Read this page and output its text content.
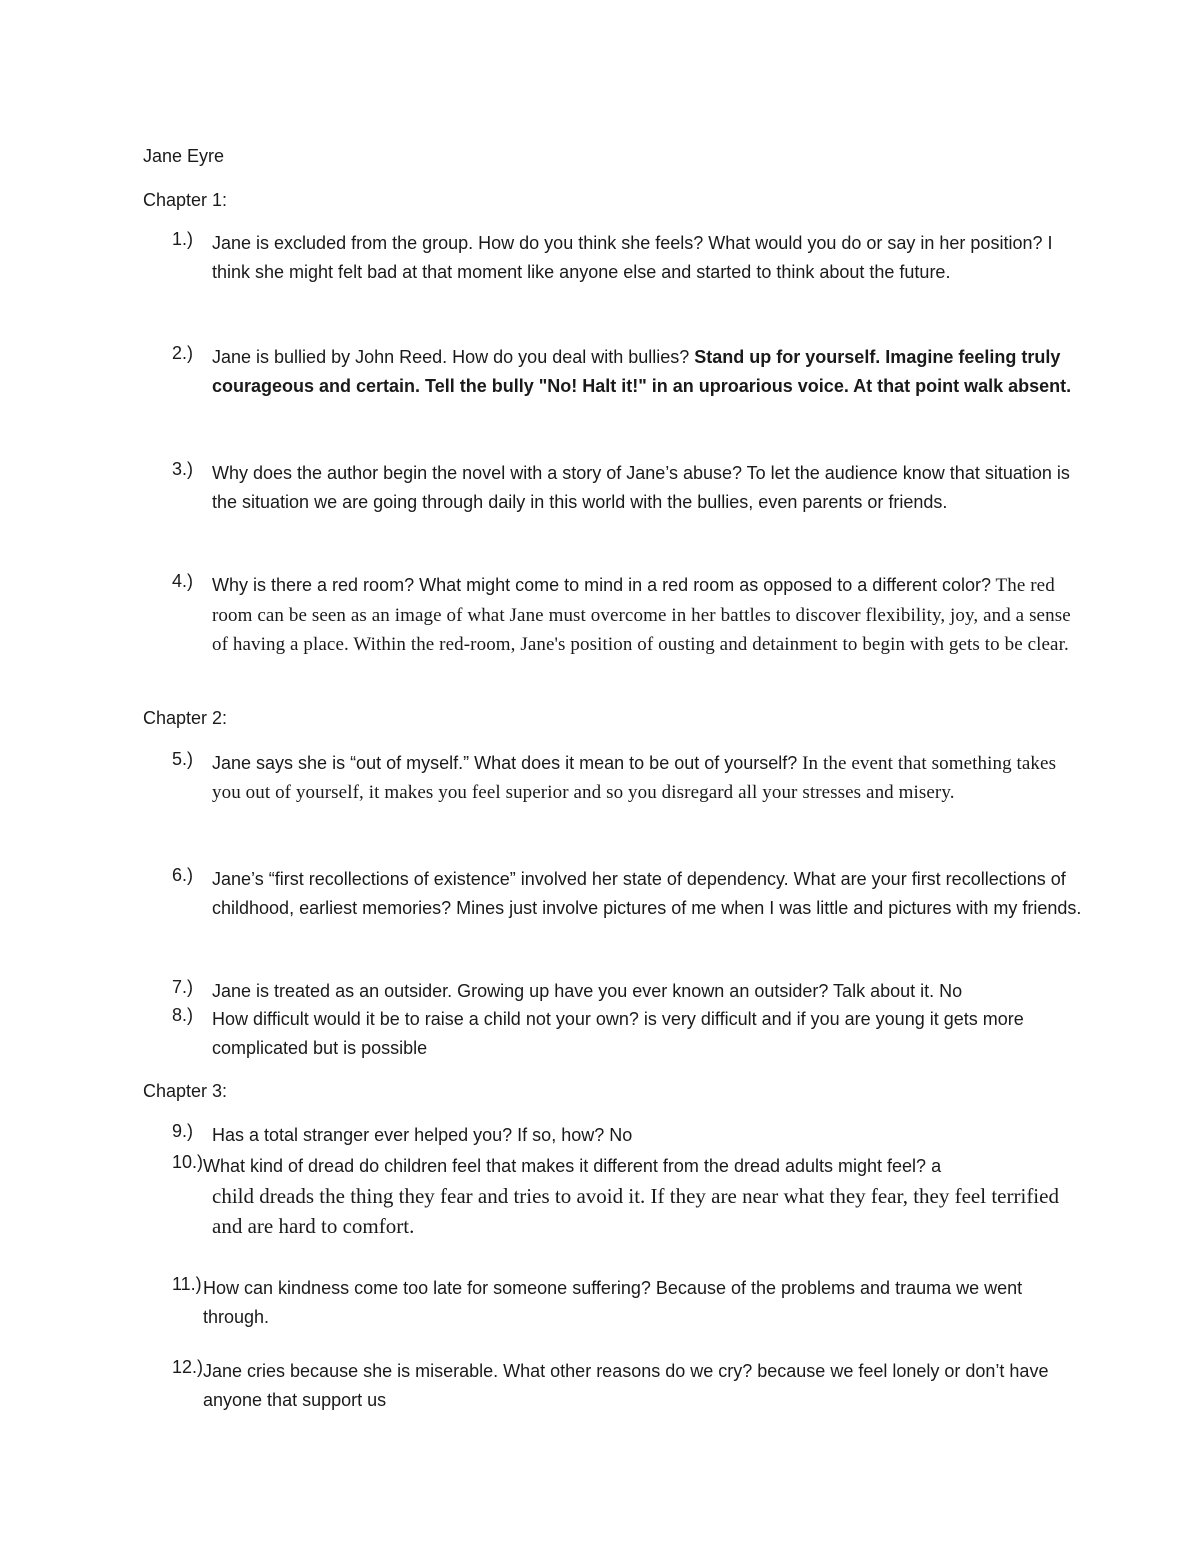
Jane Eyre
Chapter 1:
1.) Jane is excluded from the group. How do you think she feels? What would you do or say in her position? I think she might felt bad at that moment like anyone else and started to think about the future.
2.) Jane is bullied by John Reed. How do you deal with bullies? Stand up for yourself. Imagine feeling truly courageous and certain. Tell the bully "No! Halt it!" in an uproarious voice. At that point walk absent.
3.) Why does the author begin the novel with a story of Jane’s abuse? To let the audience know that situation is the situation we are going through daily in this world with the bullies, even parents or friends.
4.) Why is there a red room? What might come to mind in a red room as opposed to a different color? The red room can be seen as an image of what Jane must overcome in her battles to discover flexibility, joy, and a sense of having a place. Within the red-room, Jane's position of ousting and detainment to begin with gets to be clear.
Chapter 2:
5.) Jane says she is “out of myself.” What does it mean to be out of yourself? In the event that something takes you out of yourself, it makes you feel superior and so you disregard all your stresses and misery.
6.) Jane’s “first recollections of existence” involved her state of dependency. What are your first recollections of childhood, earliest memories? Mines just involve pictures of me when I was little and pictures with my friends.
7.) Jane is treated as an outsider. Growing up have you ever known an outsider? Talk about it. No
8.) How difficult would it be to raise a child not your own? is very difficult and if you are young it gets more complicated but is possible
Chapter 3:
9.) Has a total stranger ever helped you? If so, how? No
10.) What kind of dread do children feel that makes it different from the dread adults might feel? a
child dreads the thing they fear and tries to avoid it. If they are near what they fear, they feel terrified and are hard to comfort.
11.) How can kindness come too late for someone suffering? Because of the problems and trauma we went through.
12.) Jane cries because she is miserable. What other reasons do we cry? because we feel lonely or don’t have anyone that support us
